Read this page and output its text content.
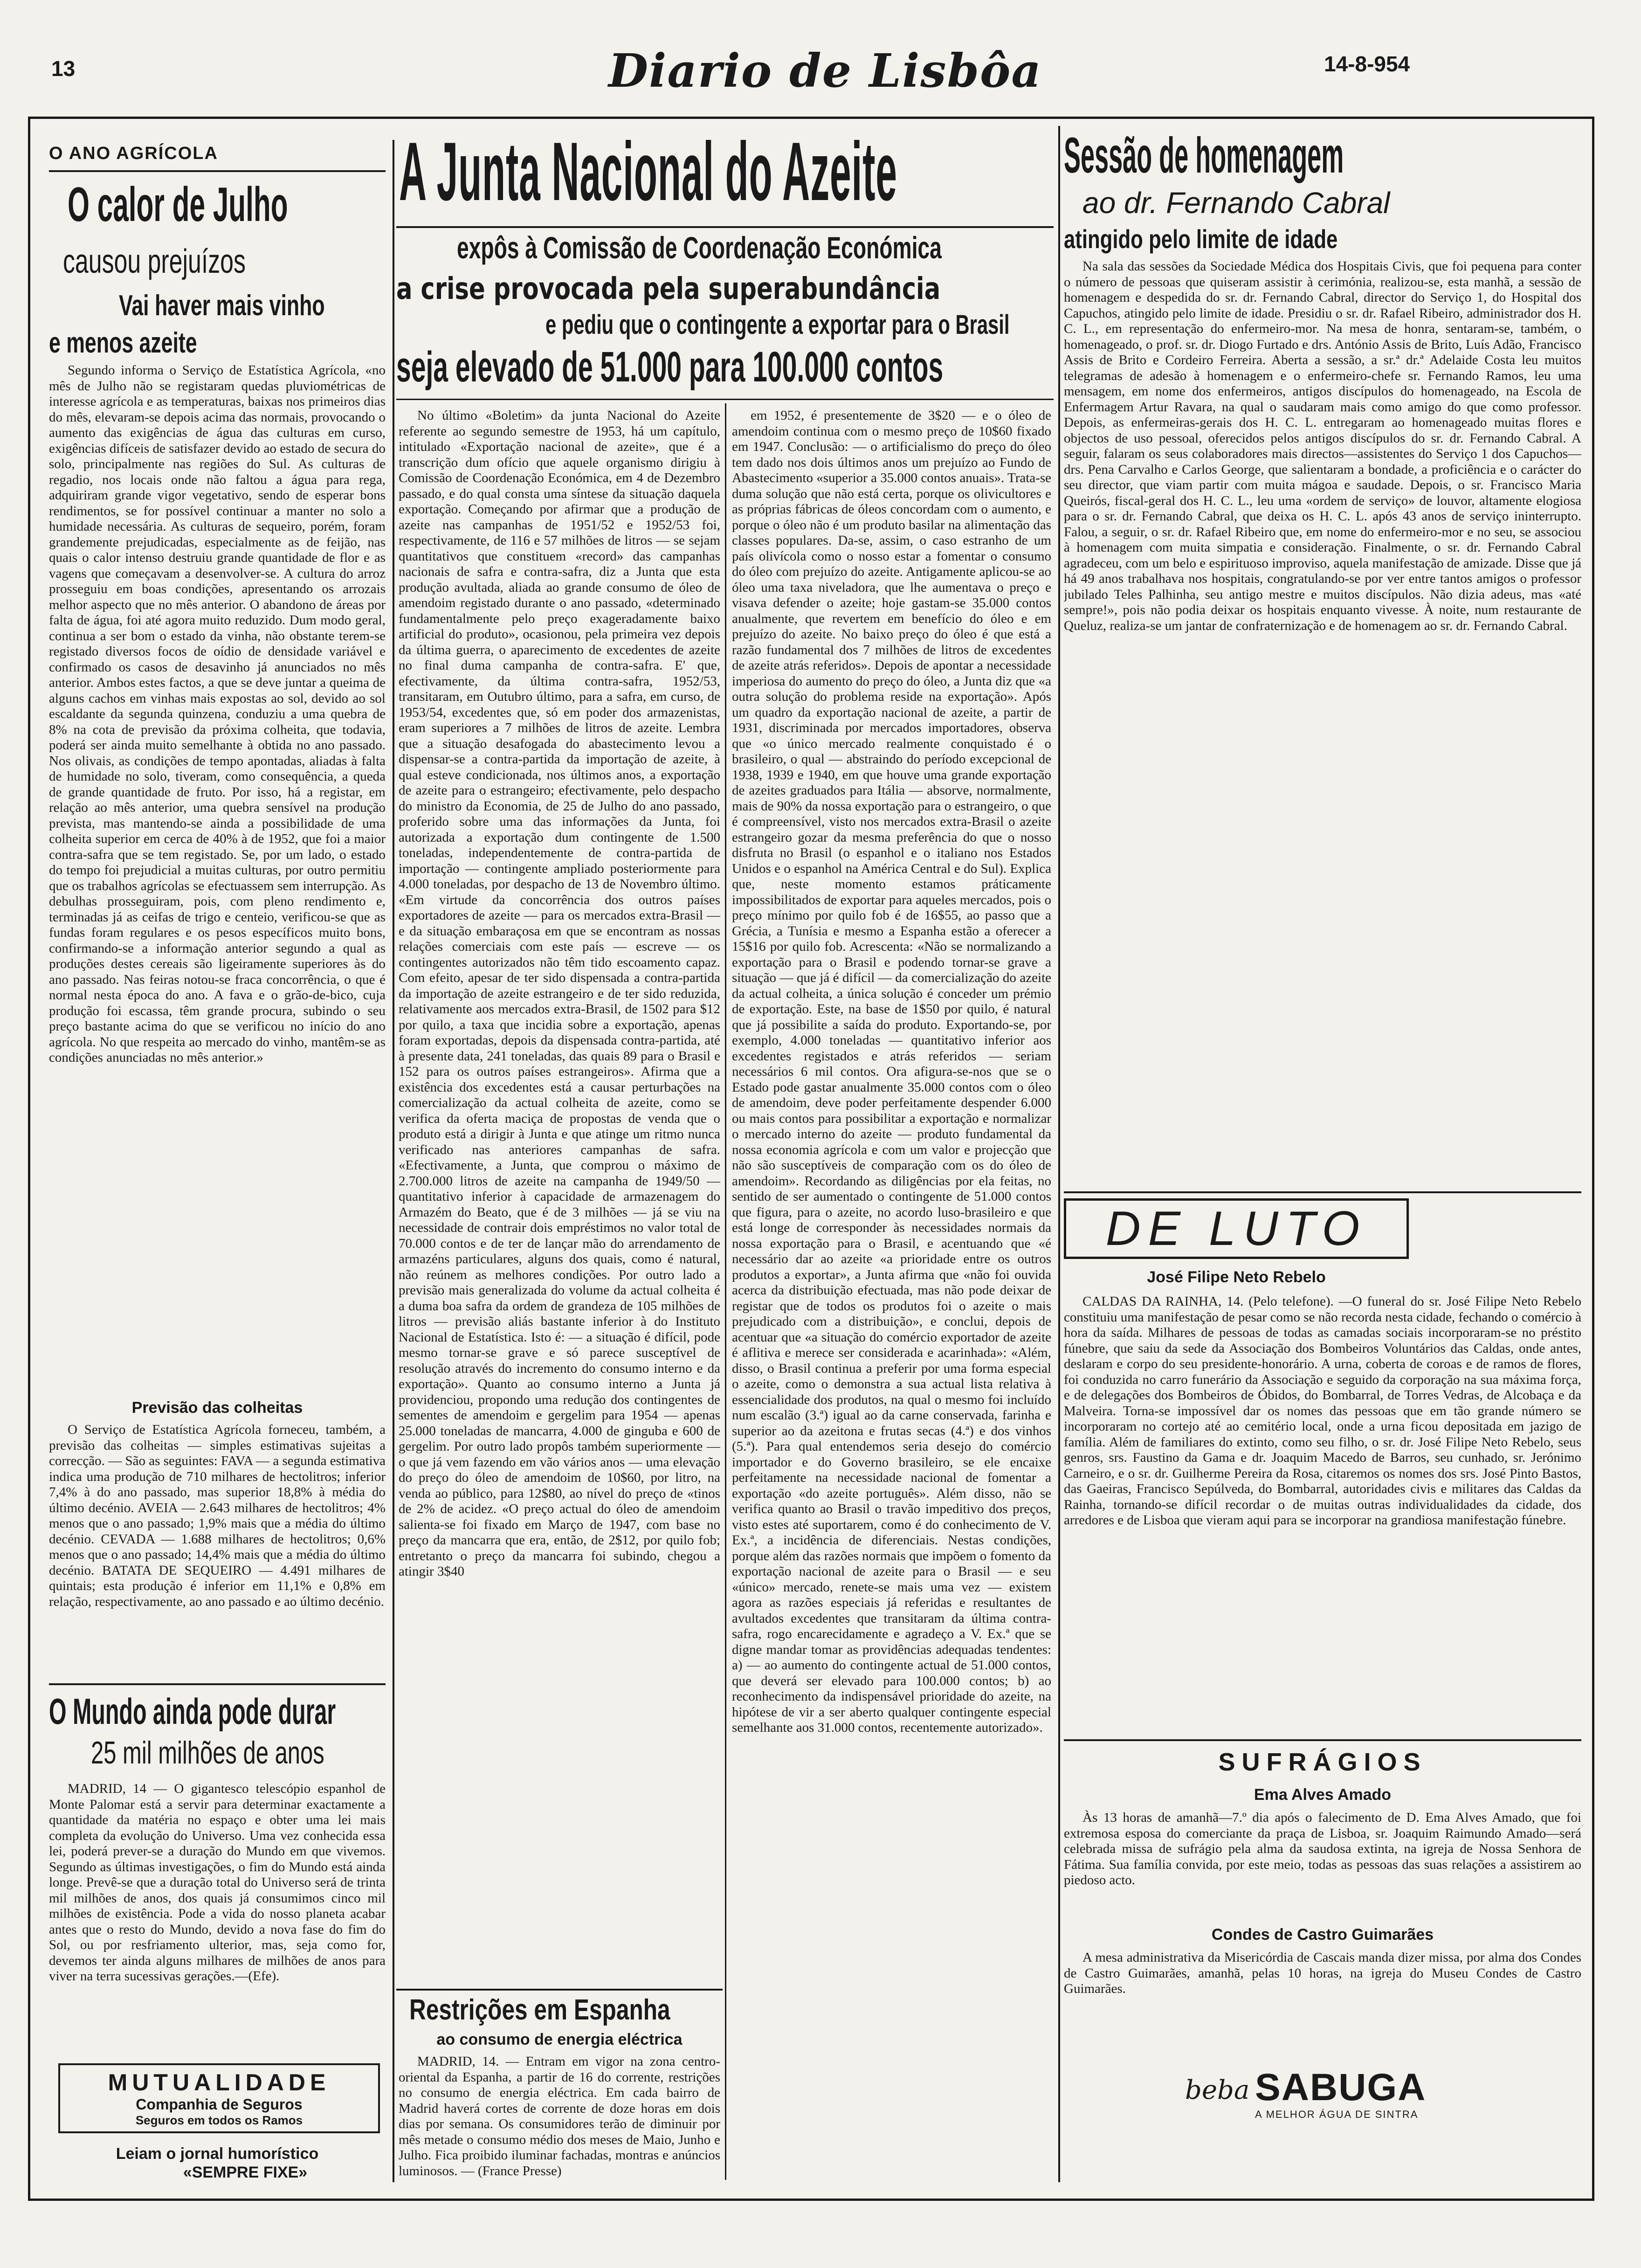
13	Diario de Lisbôa	14-8-954
O ANO AGRÍCOLA
O calor de Julho
causou prejuízos
Vai haver mais vinho
e menos azeite

Segundo informa o Serviço de Estatística Agrícola, «no mês de Julho não se registaram quedas pluviométricas de interesse agrícola e as temperaturas, baixas nos primeiros dias do mês, elevaram-se depois acima das normais, provocando o aumento das exigências de água das culturas em curso, exigências difíceis de satisfazer devido ao estado de secura do solo, principalmente nas regiões do Sul. As culturas de regadio, nos locais onde não faltou a água para rega, adquiriram grande vigor vegetativo, sendo de esperar bons rendimentos, se for possível continuar a manter no solo a humidade necessária. As culturas de sequeiro, porém, foram grandemente prejudicadas, especialmente as de feijão, nas quais o calor intenso destruiu grande quantidade de flor e as vagens que começavam a desenvolver-se. A cultura do arroz prosseguiu em boas condições, apresentando os arrozais melhor aspecto que no mês anterior. O abandono de áreas por falta de água, foi até agora muito reduzido. Dum modo geral, continua a ser bom o estado da vinha, não obstante terem-se registado diversos focos de oídio de densidade variável e confirmado os casos de desavinho já anunciados no mês anterior. Ambos estes factos, a que se deve juntar a queima de alguns cachos em vinhas mais expostas ao sol, devido ao sol escaldante da segunda quinzena, conduziu a uma quebra de 8% na cota de previsão da próxima colheita, que todavia, poderá ser ainda muito semelhante à obtida no ano passado. Nos olivais, as condições de tempo apontadas, aliadas à falta de humidade no solo, tiveram, como consequência, a queda de grande quantidade de fruto. Por isso, há a registar, em relação ao mês anterior, uma quebra sensível na produção prevista, mas mantendo-se ainda a possibilidade de uma colheita superior em cerca de 40% à de 1952, que foi a maior contra-safra que se tem registado. Se, por um lado, o estado do tempo foi prejudicial a muitas culturas, por outro permitiu que os trabalhos agrícolas se efectuassem sem interrupção. As debulhas prosseguiram, pois, com pleno rendimento e, terminadas já as ceifas de trigo e centeio, verificou-se que as fundas foram regulares e os pesos específicos muito bons, confirmando-se a informação anterior segundo a qual as produções destes cereais são ligeiramente superiores às do ano passado. Nas feiras notou-se fraca concorrência, o que é normal nesta época do ano. A fava e o grão-de-bico, cuja produção foi escassa, têm grande procura, subindo o seu preço bastante acima do que se verificou no início do ano agrícola. No que respeita ao mercado do vinho, mantêm-se as condições anunciadas no mês anterior.»

Previsão das colheitas

O Serviço de Estatística Agrícola forneceu, também, a previsão das colheitas — simples estimativas sujeitas a correcção. — São as seguintes: FAVA — a segunda estimativa indica uma produção de 710 milhares de hectolitros; inferior 7,4% à do ano passado, mas superior 18,8% à média do último decénio. AVEIA — 2.643 milhares de hectolitros; 4% menos que o ano passado; 1,9% mais que a média do último decénio. CEVADA — 1.688 milhares de hectolitros; 0,6% menos que o ano passado; 14,4% mais que a média do último decénio. BATATA DE SEQUEIRO — 4.491 milhares de quintais; esta produção é inferior em 11,1% e 0,8% em relação, respectivamente, ao ano passado e ao último decénio.

O Mundo ainda pode durar
25 mil milhões de anos

MADRID, 14 — O gigantesco telescópio espanhol de Monte Palomar está a servir para determinar exactamente a quantidade da matéria no espaço e obter uma lei mais completa da evolução do Universo. Uma vez conhecida essa lei, poderá prever-se a duração do Mundo em que vivemos. Segundo as últimas investigações, o fim do Mundo está ainda longe. Prevê-se que a duração total do Universo será de trinta mil milhões de anos, dos quais já consumimos cinco mil milhões de existência. Pode a vida do nosso planeta acabar antes que o resto do Mundo, devido a nova fase do fim do Sol, ou por resfriamento ulterior, mas, seja como for, devemos ter ainda alguns milhares de milhões de anos para viver na terra sucessivas gerações.—(Efe).

MUTUALIDADE
Companhia de Seguros
Seguros em todos os Ramos
Leiam o jornal humorístico
«SEMPRE FIXE»
A Junta Nacional do Azeite
expôs à Comissão de Coordenação Económica
a crise provocada pela superabundância
e pediu que o contingente a exportar para o Brasil
seja elevado de 51.000 para 100.000 contos

No último «Boletim» da junta Nacional do Azeite referente ao segundo semestre de 1953, há um capítulo, intitulado «Exportação nacional de azeite», que é a transcrição dum ofício que aquele organismo dirigiu à Comissão de Coordenação Económica, em 4 de Dezembro passado, e do qual consta uma síntese da situação daquela exportação. Começando por afirmar que a produção de azeite nas campanhas de 1951/52 e 1952/53 foi, respectivamente, de 116 e 57 milhões de litros — se sejam quantitativos que constituem «record» das campanhas nacionais de safra e contra-safra, diz a Junta que esta produção avultada, aliada ao grande consumo de óleo de amendoim registado durante o ano passado, «determinado fundamentalmente pelo preço exageradamente baixo artificial do produto», ocasionou, pela primeira vez depois da última guerra, o aparecimento de excedentes de azeite no final duma campanha de contra-safra. E' que, efectivamente, da última contra-safra, 1952/53, transitaram, em Outubro último, para a safra, em curso, de 1953/54, excedentes que, só em poder dos armazenistas, eram superiores a 7 milhões de litros de azeite. Lembra que a situação desafogada do abastecimento levou a dispensar-se a contra-partida da importação de azeite, à qual esteve condicionada, nos últimos anos, a exportação de azeite para o estrangeiro; efectivamente, pelo despacho do ministro da Economia, de 25 de Julho do ano passado, proferido sobre uma das informações da Junta, foi autorizada a exportação dum contingente de 1.500 toneladas, independentemente de contra-partida de importação — contingente ampliado posteriormente para 4.000 toneladas, por despacho de 13 de Novembro último. «Em virtude da concorrência dos outros países exportadores de azeite — para os mercados extra-Brasil — e da situação embaraçosa em que se encontram as nossas relações comerciais com este país — escreve — os contingentes autorizados não têm tido escoamento capaz. Com efeito, apesar de ter sido dispensada a contra-partida da importação de azeite estrangeiro e de ter sido reduzida, relativamente aos mercados extra-Brasil, de 1502 para $12 por quilo, a taxa que incidia sobre a exportação, apenas foram exportadas, depois da dispensada contra-partida, até à presente data, 241 toneladas, das quais 89 para o Brasil e 152 para os outros países estrangeiros». Afirma que a existência dos excedentes está a causar perturbações na comercialização da actual colheita de azeite, como se verifica da oferta maciça de propostas de venda que o produto está a dirigir à Junta e que atinge um ritmo nunca verificado nas anteriores campanhas de safra. «Efectivamente, a Junta, que comprou o máximo de 2.700.000 litros de azeite na campanha de 1949/50 — quantitativo inferior à capacidade de armazenagem do Armazém do Beato, que é de 3 milhões — já se viu na necessidade de contrair dois empréstimos no valor total de 70.000 contos e de ter de lançar mão do arrendamento de armazéns particulares, alguns dos quais, como é natural, não reúnem as melhores condições. Por outro lado a previsão mais generalizada do volume da actual colheita é a duma boa safra da ordem de grandeza de 105 milhões de litros — previsão aliás bastante inferior à do Instituto Nacional de Estatística. Isto é: — a situação é difícil, pode mesmo tornar-se grave e só parece susceptível de resolução através do incremento do consumo interno e da exportação». Quanto ao consumo interno a Junta já providenciou, propondo uma redução dos contingentes de sementes de amendoim e gergelim para 1954 — apenas 25.000 toneladas de mancarra, 4.000 de ginguba e 600 de gergelim. Por outro lado propôs também superiormente — o que já vem fazendo em vão vários anos — uma elevação do preço do óleo de amendoim de 10$60, por litro, na venda ao público, para 12$80, ao nível do preço de «tinos de 2% de acidez. «O preço actual do óleo de amendoim salienta-se foi fixado em Março de 1947, com base no preço da mancarra que era, então, de 2$12, por quilo fob; entretanto o preço da mancarra foi subindo, chegou a atingir 3$40

em 1952, é presentemente de 3$20 — e o óleo de amendoim continua com o mesmo preço de 10$60 fixado em 1947. Conclusão: — o artificialismo do preço do óleo tem dado nos dois últimos anos um prejuízo ao Fundo de Abastecimento «superior a 35.000 contos anuais». Trata-se duma solução que não está certa, porque os olivicultores e as próprias fábricas de óleos concordam com o aumento, e porque o óleo não é um produto basilar na alimentação das classes populares. Da-se, assim, o caso estranho de um país olivícola como o nosso estar a fomentar o consumo do óleo com prejuízo do azeite. Antigamente aplicou-se ao óleo uma taxa niveladora, que lhe aumentava o preço e visava defender o azeite; hoje gastam-se 35.000 contos anualmente, que revertem em benefício do óleo e em prejuízo do azeite. No baixo preço do óleo é que está a razão fundamental dos 7 milhões de litros de excedentes de azeite atrás referidos». Depois de apontar a necessidade imperiosa do aumento do preço do óleo, a Junta diz que «a outra solução do problema reside na exportação». Após um quadro da exportação nacional de azeite, a partir de 1931, discriminada por mercados importadores, observa que «o único mercado realmente conquistado é o brasileiro, o qual — abstraindo do período excepcional de 1938, 1939 e 1940, em que houve uma grande exportação de azeites graduados para Itália — absorve, normalmente, mais de 90% da nossa exportação para o estrangeiro, o que é compreensível, visto nos mercados extra-Brasil o azeite estrangeiro gozar da mesma preferência do que o nosso disfruta no Brasil (o espanhol e o italiano nos Estados Unidos e o espanhol na América Central e do Sul). Explica que, neste momento estamos práticamente impossibilitados de exportar para aqueles mercados, pois o preço mínimo por quilo fob é de 16$55, ao passo que a Grécia, a Tunísia e mesmo a Espanha estão a oferecer a 15$16 por quilo fob. Acrescenta: «Não se normalizando a exportação para o Brasil e podendo tornar-se grave a situação — que já é difícil — da comercialização do azeite da actual colheita, a única solução é conceder um prémio de exportação. Este, na base de 1$50 por quilo, é natural que já possibilite a saída do produto. Exportando-se, por exemplo, 4.000 toneladas — quantitativo inferior aos excedentes registados e atrás referidos — seriam necessários 6 mil contos. Ora afigura-se-nos que se o Estado pode gastar anualmente 35.000 contos com o óleo de amendoim, deve poder perfeitamente despender 6.000 ou mais contos para possibilitar a exportação e normalizar o mercado interno do azeite — produto fundamental da nossa economia agrícola e com um valor e projecção que não são susceptíveis de comparação com os do óleo de amendoim». Recordando as diligências por ela feitas, no sentido de ser aumentado o contingente de 51.000 contos que figura, para o azeite, no acordo luso-brasileiro e que está longe de corresponder às necessidades normais da nossa exportação para o Brasil, e acentuando que «é necessário dar ao azeite «a prioridade entre os outros produtos a exportar», a Junta afirma que «não foi ouvida acerca da distribuição efectuada, mas não pode deixar de registar que de todos os produtos foi o azeite o mais prejudicado com a distribuição», e conclui, depois de acentuar que «a situação do comércio exportador de azeite é aflitiva e merece ser considerada e acarinhada»: «Além, disso, o Brasil continua a preferir por uma forma especial o azeite, como o demonstra a sua actual lista relativa à essencialidade dos produtos, na qual o mesmo foi incluído num escalão (3.ª) igual ao da carne conservada, farinha e superior ao da azeitona e frutas secas (4.ª) e dos vinhos (5.ª). Para qual entendemos seria desejo do comércio importador e do Governo brasileiro, se ele encaixe perfeitamente na necessidade nacional de fomentar a exportação «do azeite português». Além disso, não se verifica quanto ao Brasil o travão impeditivo dos preços, visto estes até suportarem, como é do conhecimento de V. Ex.ª, a incidência de diferenciais. Nestas condições, porque além das razões normais que impõem o fomento da exportação nacional de azeite para o Brasil — e seu «único» mercado, renete-se mais uma vez — existem agora as razões especiais já referidas e resultantes de avultados excedentes que transitaram da última contra-safra, rogo encarecidamente e agradeço a V. Ex.ª que se digne mandar tomar as providências adequadas tendentes: a) — ao aumento do contingente actual de 51.000 contos, que deverá ser elevado para 100.000 contos; b) ao reconhecimento da indispensável prioridade do azeite, na hipótese de vir a ser aberto qualquer contingente especial semelhante aos 31.000 contos, recentemente autorizado».

Restrições em Espanha
ao consumo de energia eléctrica

MADRID, 14. — Entram em vigor na zona centro-oriental da Espanha, a partir de 16 do corrente, restrições no consumo de energia eléctrica. Em cada bairro de Madrid haverá cortes de corrente de doze horas em dois dias por semana. Os consumidores terão de diminuir por mês metade o consumo médio dos meses de Maio, Junho e Julho. Fica proibido iluminar fachadas, montras e anúncios luminosos. — (France Presse)

Sessão de homenagem
ao dr. Fernando Cabral
atingido pelo limite de idade

Na sala das sessões da Sociedade Médica dos Hospitais Civis, que foi pequena para conter o número de pessoas que quiseram assistir à cerimónia, realizou-se, esta manhã, a sessão de homenagem e despedida do sr. dr. Fernando Cabral, director do Serviço 1, do Hospital dos Capuchos, atingido pelo limite de idade. Presidiu o sr. dr. Rafael Ribeiro, administrador dos H. C. L., em representação do enfermeiro-mor. Na mesa de honra, sentaram-se, também, o homenageado, o prof. sr. dr. Diogo Furtado e drs. António Assis de Brito, Luís Adão, Francisco Assis de Brito e Cordeiro Ferreira. Aberta a sessão, a sr.ª dr.ª Adelaide Costa leu muitos telegramas de adesão à homenagem e o enfermeiro-chefe sr. Fernando Ramos, leu uma mensagem, em nome dos enfermeiros, antigos discípulos do homenageado, na Escola de Enfermagem Artur Ravara, na qual o saudaram mais como amigo do que como professor. Depois, as enfermeiras-gerais dos H. C. L. entregaram ao homenageado muitas flores e objectos de uso pessoal, oferecidos pelos antigos discípulos do sr. dr. Fernando Cabral. A seguir, falaram os seus colaboradores mais directos—assistentes do Serviço 1 dos Capuchos—drs. Pena Carvalho e Carlos George, que salientaram a bondade, a proficiência e o carácter do seu director, que viam partir com muita mágoa e saudade. Depois, o sr. Francisco Maria Queirós, fiscal-geral dos H. C. L., leu uma «ordem de serviço» de louvor, altamente elogiosa para o sr. dr. Fernando Cabral, que deixa os H. C. L. após 43 anos de serviço ininterrupto. Falou, a seguir, o sr. dr. Rafael Ribeiro que, em nome do enfermeiro-mor e no seu, se associou à homenagem com muita simpatia e consideração. Finalmente, o sr. dr. Fernando Cabral agradeceu, com um belo e espirituoso improviso, aquela manifestação de amizade. Disse que já há 49 anos trabalhava nos hospitais, congratulando-se por ver entre tantos amigos o professor jubilado Teles Palhinha, seu antigo mestre e muitos discípulos. Não dizia adeus, mas «até sempre!», pois não podia deixar os hospitais enquanto vivesse. À noite, num restaurante de Queluz, realiza-se um jantar de confraternização e de homenagem ao sr. dr. Fernando Cabral.

DE LUTO
José Filipe Neto Rebelo

CALDAS DA RAINHA, 14. (Pelo telefone). —O funeral do sr. José Filipe Neto Rebelo constituiu uma manifestação de pesar como se não recorda nesta cidade, fechando o comércio à hora da saída. Milhares de pessoas de todas as camadas sociais incorporaram-se no préstito fúnebre, que saiu da sede da Associação dos Bombeiros Voluntários das Caldas, onde antes, deslaram e corpo do seu presidente-honorário. A urna, coberta de coroas e de ramos de flores, foi conduzida no carro funerário da Associação e seguido da corporação na sua máxima força, e de delegações dos Bombeiros de Óbidos, do Bombarral, de Torres Vedras, de Alcobaça e da Malveira. Torna-se impossível dar os nomes das pessoas que em tão grande número se incorporaram no cortejo até ao cemitério local, onde a urna ficou depositada em jazigo de família. Além de familiares do extinto, como seu filho, o sr. dr. José Filipe Neto Rebelo, seus genros, srs. Faustino da Gama e dr. Joaquim Macedo de Barros, seu cunhado, sr. Jerónimo Carneiro, e o sr. dr. Guilherme Pereira da Rosa, citaremos os nomes dos srs. José Pinto Bastos, das Gaeiras, Francisco Sepúlveda, do Bombarral, autoridades civis e militares das Caldas da Rainha, tornando-se difícil recordar o de muitas outras individualidades da cidade, dos arredores e de Lisboa que vieram aqui para se incorporar na grandiosa manifestação fúnebre.

SUFRÁGIOS
Ema Alves Amado

Às 13 horas de amanhã—7.º dia após o falecimento de D. Ema Alves Amado, que foi extremosa esposa do comerciante da praça de Lisboa, sr. Joaquim Raimundo Amado—será celebrada missa de sufrágio pela alma da saudosa extinta, na igreja de Nossa Senhora de Fátima. Sua família convida, por este meio, todas as pessoas das suas relações a assistirem ao piedoso acto.

Condes de Castro Guimarães

A mesa administrativa da Misericórdia de Cascais manda dizer missa, por alma dos Condes de Castro Guimarães, amanhã, pelas 10 horas, na igreja do Museu Condes de Castro Guimarães.

beba SABUGA
A MELHOR ÁGUA DE SINTRA
